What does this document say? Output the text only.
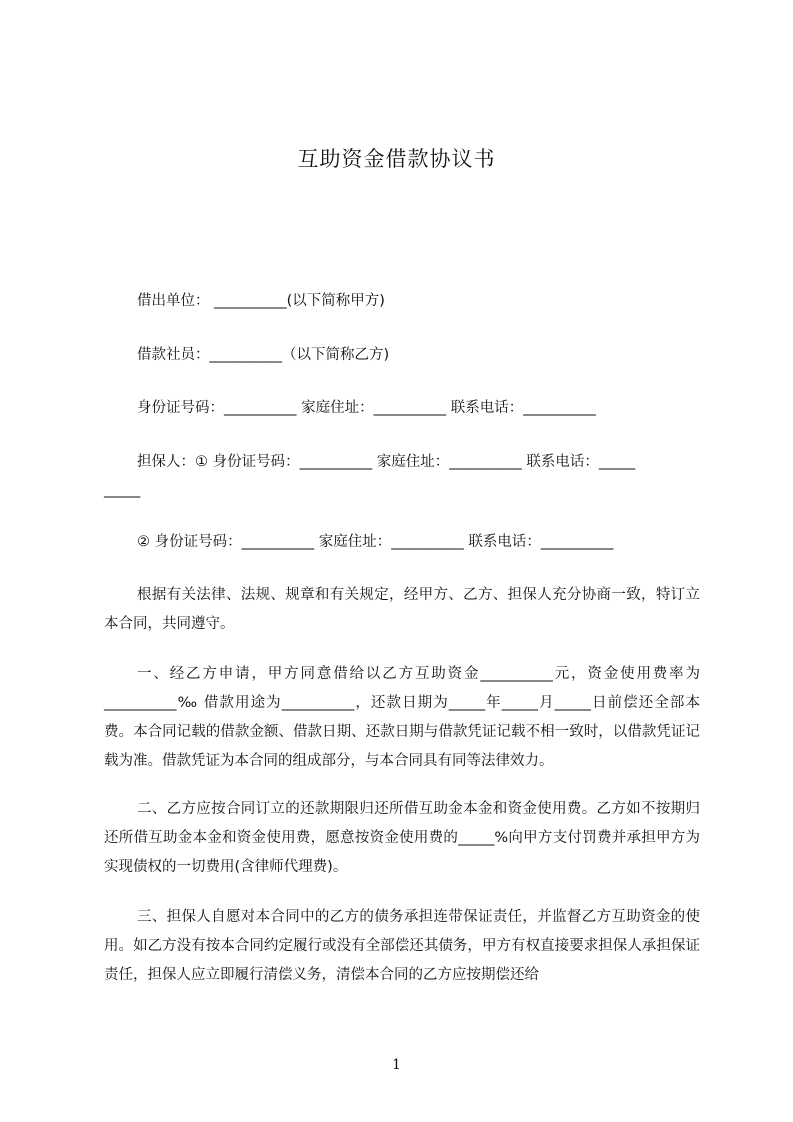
互助资金借款协议书
借出单位： __________(以下简称甲方)
借款社员：__________（以下简称乙方)
身份证号码：__________ 家庭住址：__________ 联系电话：__________
担保人：① 身份证号码：__________ 家庭住址：__________ 联系电话：_____
_____
② 身份证号码：__________ 家庭住址：__________ 联系电话：__________

根据有关法律、法规、规章和有关规定，经甲方、乙方、担保人充分协商一致，特订立本合同，共同遵守。

一、经乙方申请，甲方同意借给以乙方互助资金__________元，资金使用费率为__________‰ 借款用途为__________，还款日期为_____年_____月_____日前偿还全部本费。本合同记载的借款金额、借款日期、还款日期与借款凭证记载不相一致时，以借款凭证记载为准。借款凭证为本合同的组成部分，与本合同具有同等法律效力。

二、乙方应按合同订立的还款期限归还所借互助金本金和资金使用费。乙方如不按期归还所借互助金本金和资金使用费，愿意按资金使用费的_____%向甲方支付罚费并承担甲方为实现债权的一切费用(含律师代理费)。

三、担保人自愿对本合同中的乙方的债务承担连带保证责任，并监督乙方互助资金的使用。如乙方没有按本合同约定履行或没有全部偿还其债务，甲方有权直接要求担保人承担保证责任，担保人应立即履行清偿义务，清偿本合同的乙方应按期偿还给

1
